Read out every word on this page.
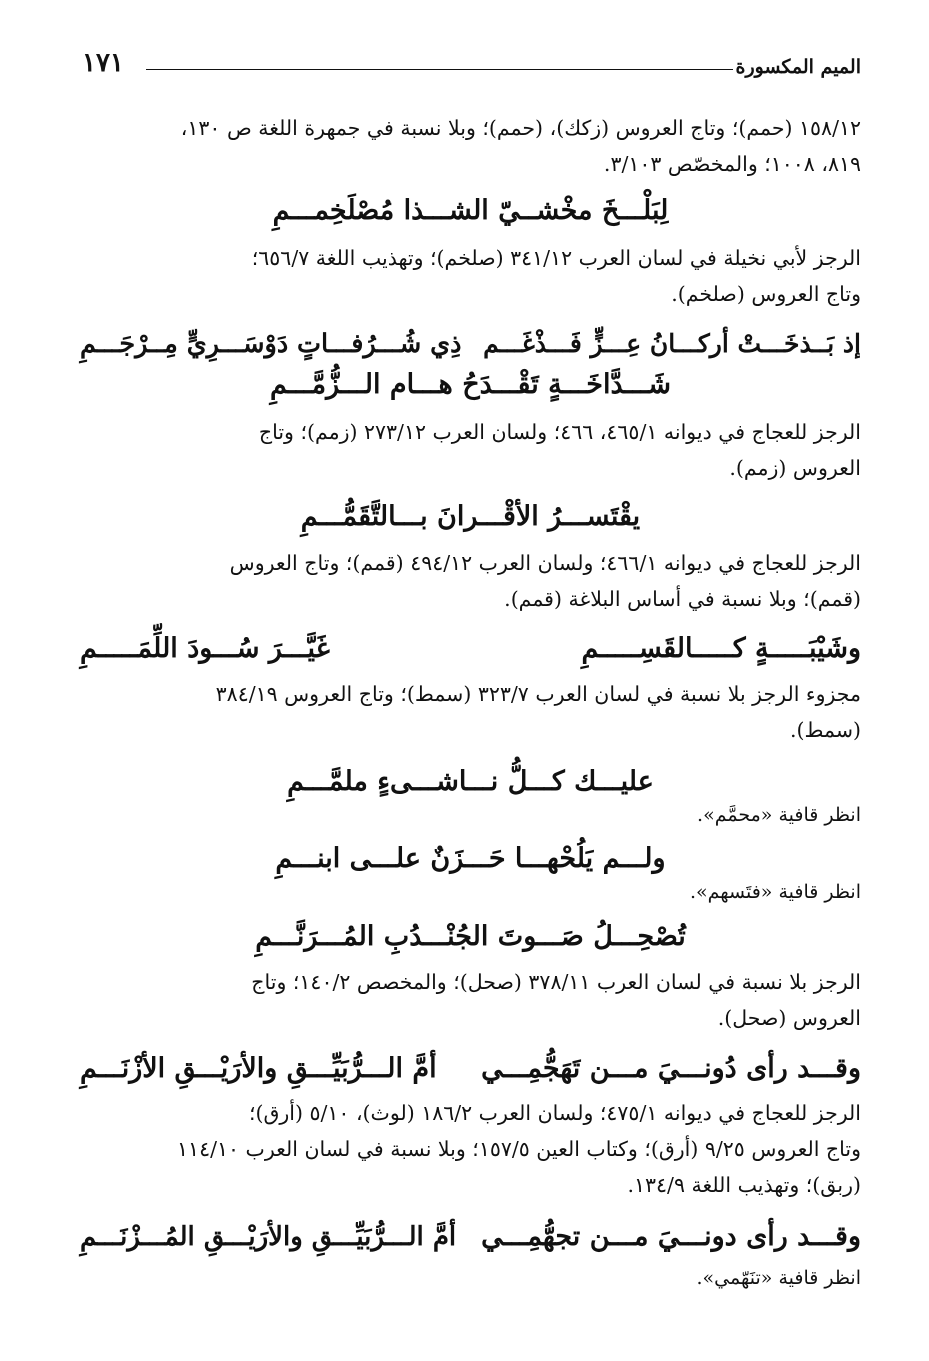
الميم المكسورة
١٧١
١٥٨/١٢ (حمم)؛ وتاج العروس (زكك)، (حمم)؛ وبلا نسبة في جمهرة اللغة ص ١٣٠،
٨١٩، ١٠٠٨؛ والمخصّص ٣/١٠٣.
لِبَلْـــخَ مخْشــيّ الشـــذا مُصْلَخِمـــمِ
الرجز لأبي نخيلة في لسان العرب ٣٤١/١٢ (صلخم)؛ وتهذيب اللغة ٦٥٦/٧؛
وتاج العروس (صلخم).
إذ بَــذخَـــتْ أركـــانُ عِـــزٍّ فَـــذْغَـــم
ذِي شُـــرُفـــاتٍ دَوْسَـــرِيٍّ مِــرْجَـــمِ
شَـــدَّاخَـــةٍ تَقْـــدَحُ هـــام الـــزُّمَّـــمِ
الرجز للعجاج في ديوانه ٤٦٥/١، ٤٦٦؛ ولسان العرب ٢٧٣/١٢ (زمم)؛ وتاج
العروس (زمم).
يقْتَســـرُ الأقْـــرانَ بـــالتَّقَمُّـــمِ
الرجز للعجاج في ديوانه ٤٦٦/١؛ ولسان العرب ٤٩٤/١٢ (قمم)؛ وتاج العروس
(قمم)؛ وبلا نسبة في أساس البلاغة (قمم).
وشَيْبَـــــةٍ كـــــالقَسِـــــمِ
غَيَّـــرَ سُـــودَ اللِّمَـــــمِ
مجزوء الرجز بلا نسبة في لسان العرب ٣٢٣/٧ (سمط)؛ وتاج العروس ٣٨٤/١٩
(سمط).
عليـــك كـــلُّ نـــاشـــىءٍ ملمَّـــمِ
انظر قافية «محمَّم».
ولـــم يَلُحْهـــا حَـــزَنٌ علـــى ابنـــمِ
انظر قافية «فتَسهم».
تُصْحِـــلُ صَـــوتَ الجُنْـــدُبِ المُـــرَنَّـــمِ
الرجز بلا نسبة في لسان العرب ٣٧٨/١١ (صحل)؛ والمخصص ١٤٠/٢؛ وتاج
العروس (صحل).
وقـــد رأى دُونـــيَ مـــن تَهَجُّمِـــي
أمَّ الـــرُّبَيِّـــقِ والأرَيْـــقِ الأزْنَـــمِ
الرجز للعجاج في ديوانه ٤٧٥/١؛ ولسان العرب ١٨٦/٢ (لوث)، ٥/١٠ (أرق)؛
وتاج العروس ٩/٢٥ (أرق)؛ وكتاب العين ١٥٧/٥؛ وبلا نسبة في لسان العرب ١١٤/١٠
(ربق)؛ وتهذيب اللغة ١٣٤/٩.
وقـــد رأى دونـــيَ مـــن تجهُّمِـــي
أمَّ الـــرُّبَيِّـــقِ والأرَيْـــقِ المُـــزْنَـــمِ
انظر قافية «تنَهّمي».
